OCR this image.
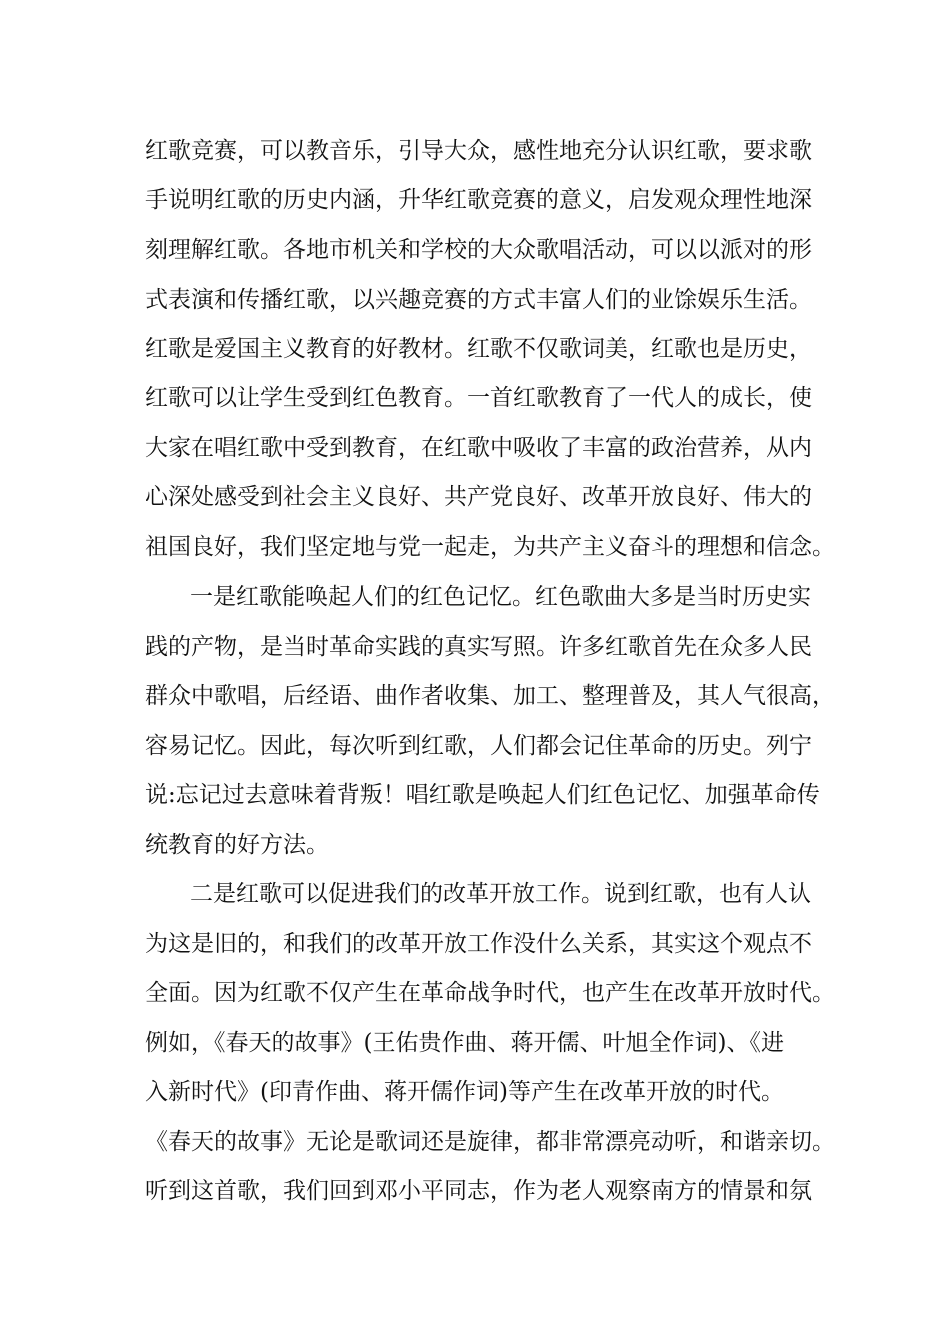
红歌竞赛，可以教音乐，引导大众，感性地充分认识红歌，要求歌
手说明红歌的历史内涵，升华红歌竞赛的意义，启发观众理性地深
刻理解红歌。各地市机关和学校的大众歌唱活动，可以以派对的形
式表演和传播红歌，以兴趣竞赛的方式丰富人们的业馀娱乐生活。
红歌是爱国主义教育的好教材。红歌不仅歌词美，红歌也是历史，
红歌可以让学生受到红色教育。一首红歌教育了一代人的成长，使
大家在唱红歌中受到教育，在红歌中吸收了丰富的政治营养，从内
心深处感受到社会主义良好、共产党良好、改革开放良好、伟大的
祖国良好，我们坚定地与党一起走，为共产主义奋斗的理想和信念。
一是红歌能唤起人们的红色记忆。红色歌曲大多是当时历史实
践的产物，是当时革命实践的真实写照。许多红歌首先在众多人民
群众中歌唱，后经语、曲作者收集、加工、整理普及，其人气很高，
容易记忆。因此，每次听到红歌，人们都会记住革命的历史。列宁
说:忘记过去意味着背叛！唱红歌是唤起人们红色记忆、加强革命传
统教育的好方法。
二是红歌可以促进我们的改革开放工作。说到红歌，也有人认
为这是旧的，和我们的改革开放工作没什么关系，其实这个观点不
全面。因为红歌不仅产生在革命战争时代，也产生在改革开放时代。
例如，《春天的故事》(王佑贵作曲、蒋开儒、叶旭全作词)、《进
入新时代》(印青作曲、蒋开儒作词)等产生在改革开放的时代。
《春天的故事》无论是歌词还是旋律，都非常漂亮动听，和谐亲切。
听到这首歌，我们回到邓小平同志，作为老人观察南方的情景和氛
